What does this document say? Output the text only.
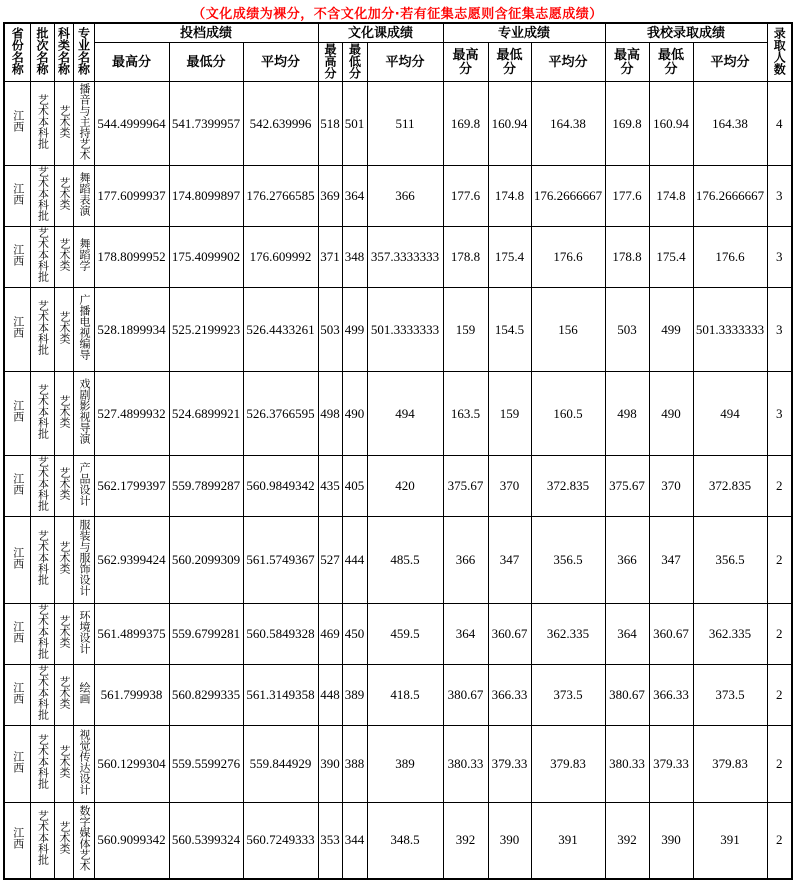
（文化成绩为裸分，不含文化加分·若有征集志愿则含征集志愿成绩）
省份名称	批次名称	科类名称	专业名称	投档成绩			文化课成绩			专业成绩			我校录取成绩			录取人数
				最高分	最低分	平均分	最高分	最低分	平均分	最高分	最低分	平均分	最高分	最低分	平均分	
江西	艺术本科批	艺术类	播音与主持艺术	544.4999964	541.7399957	542.639996	518	501	511	169.8	160.94	164.38	169.8	160.94	164.38	4
江西	艺术本科批	艺术类	舞蹈表演	177.6099937	174.8099897	176.2766585	369	364	366	177.6	174.8	176.2666667	177.6	174.8	176.2666667	3
江西	艺术本科批	艺术类	舞蹈学	178.8099952	175.4099902	176.609992	371	348	357.3333333	178.8	175.4	176.6	178.8	175.4	176.6	3
江西	艺术本科批	艺术类	广播电视编导	528.1899934	525.2199923	526.4433261	503	499	501.3333333	159	154.5	156	503	499	501.3333333	3
江西	艺术本科批	艺术类	戏剧影视导演	527.4899932	524.6899921	526.3766595	498	490	494	163.5	159	160.5	498	490	494	3
江西	艺术本科批	艺术类	产品设计	562.1799397	559.7899287	560.9849342	435	405	420	375.67	370	372.835	375.67	370	372.835	2
江西	艺术本科批	艺术类	服装与服饰设计	562.9399424	560.2099309	561.5749367	527	444	485.5	366	347	356.5	366	347	356.5	2
江西	艺术本科批	艺术类	环境设计	561.4899375	559.6799281	560.5849328	469	450	459.5	364	360.67	362.335	364	360.67	362.335	2
江西	艺术本科批	艺术类	绘画	561.799938	560.8299335	561.3149358	448	389	418.5	380.67	366.33	373.5	380.67	366.33	373.5	2
江西	艺术本科批	艺术类	视觉传达设计	560.1299304	559.5599276	559.844929	390	388	389	380.33	379.33	379.83	380.33	379.33	379.83	2
江西	艺术本科批	艺术类	数字媒体艺术	560.9099342	560.5399324	560.7249333	353	344	348.5	392	390	391	392	390	391	2
